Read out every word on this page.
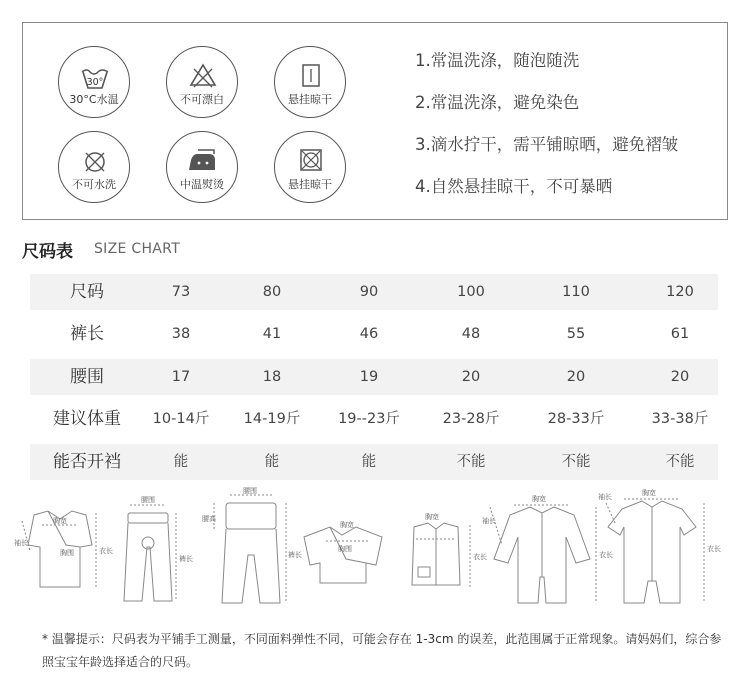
30°
30°C水温	不可漂白	悬挂晾干
不可水洗	中温熨烫	悬挂晾干
1.常温洗涤，随泡随洗
2.常温洗涤，避免染色
3.滴水拧干，需平铺晾晒，避免褶皱
4.自然悬挂晾干，不可暴晒
尺码表 SIZE CHART
尺码	73	80	90	100	110	120
裤长	38	41	46	48	55	61
腰围	17	18	19	20	20	20
建议体重 10-14斤 14-19斤	19--23斤	23-28斤	28-33斤	33-38斤
能否开裆	能	能	能	不能	不能	不能
胸宽
胸围
袖长
衣长
腰围
裤长
腰围
腰高
裤长
胸宽
胸围
胸宽
衣长
胸宽
袖长
衣长
胸宽
袖长
衣长
* 温馨提示：尺码表为平铺手工测量，不同面料弹性不同，可能会存在 1-3cm 的误差，此范围属于正常现象。请妈妈们，综合参照宝宝年龄选择适合的尺码。
